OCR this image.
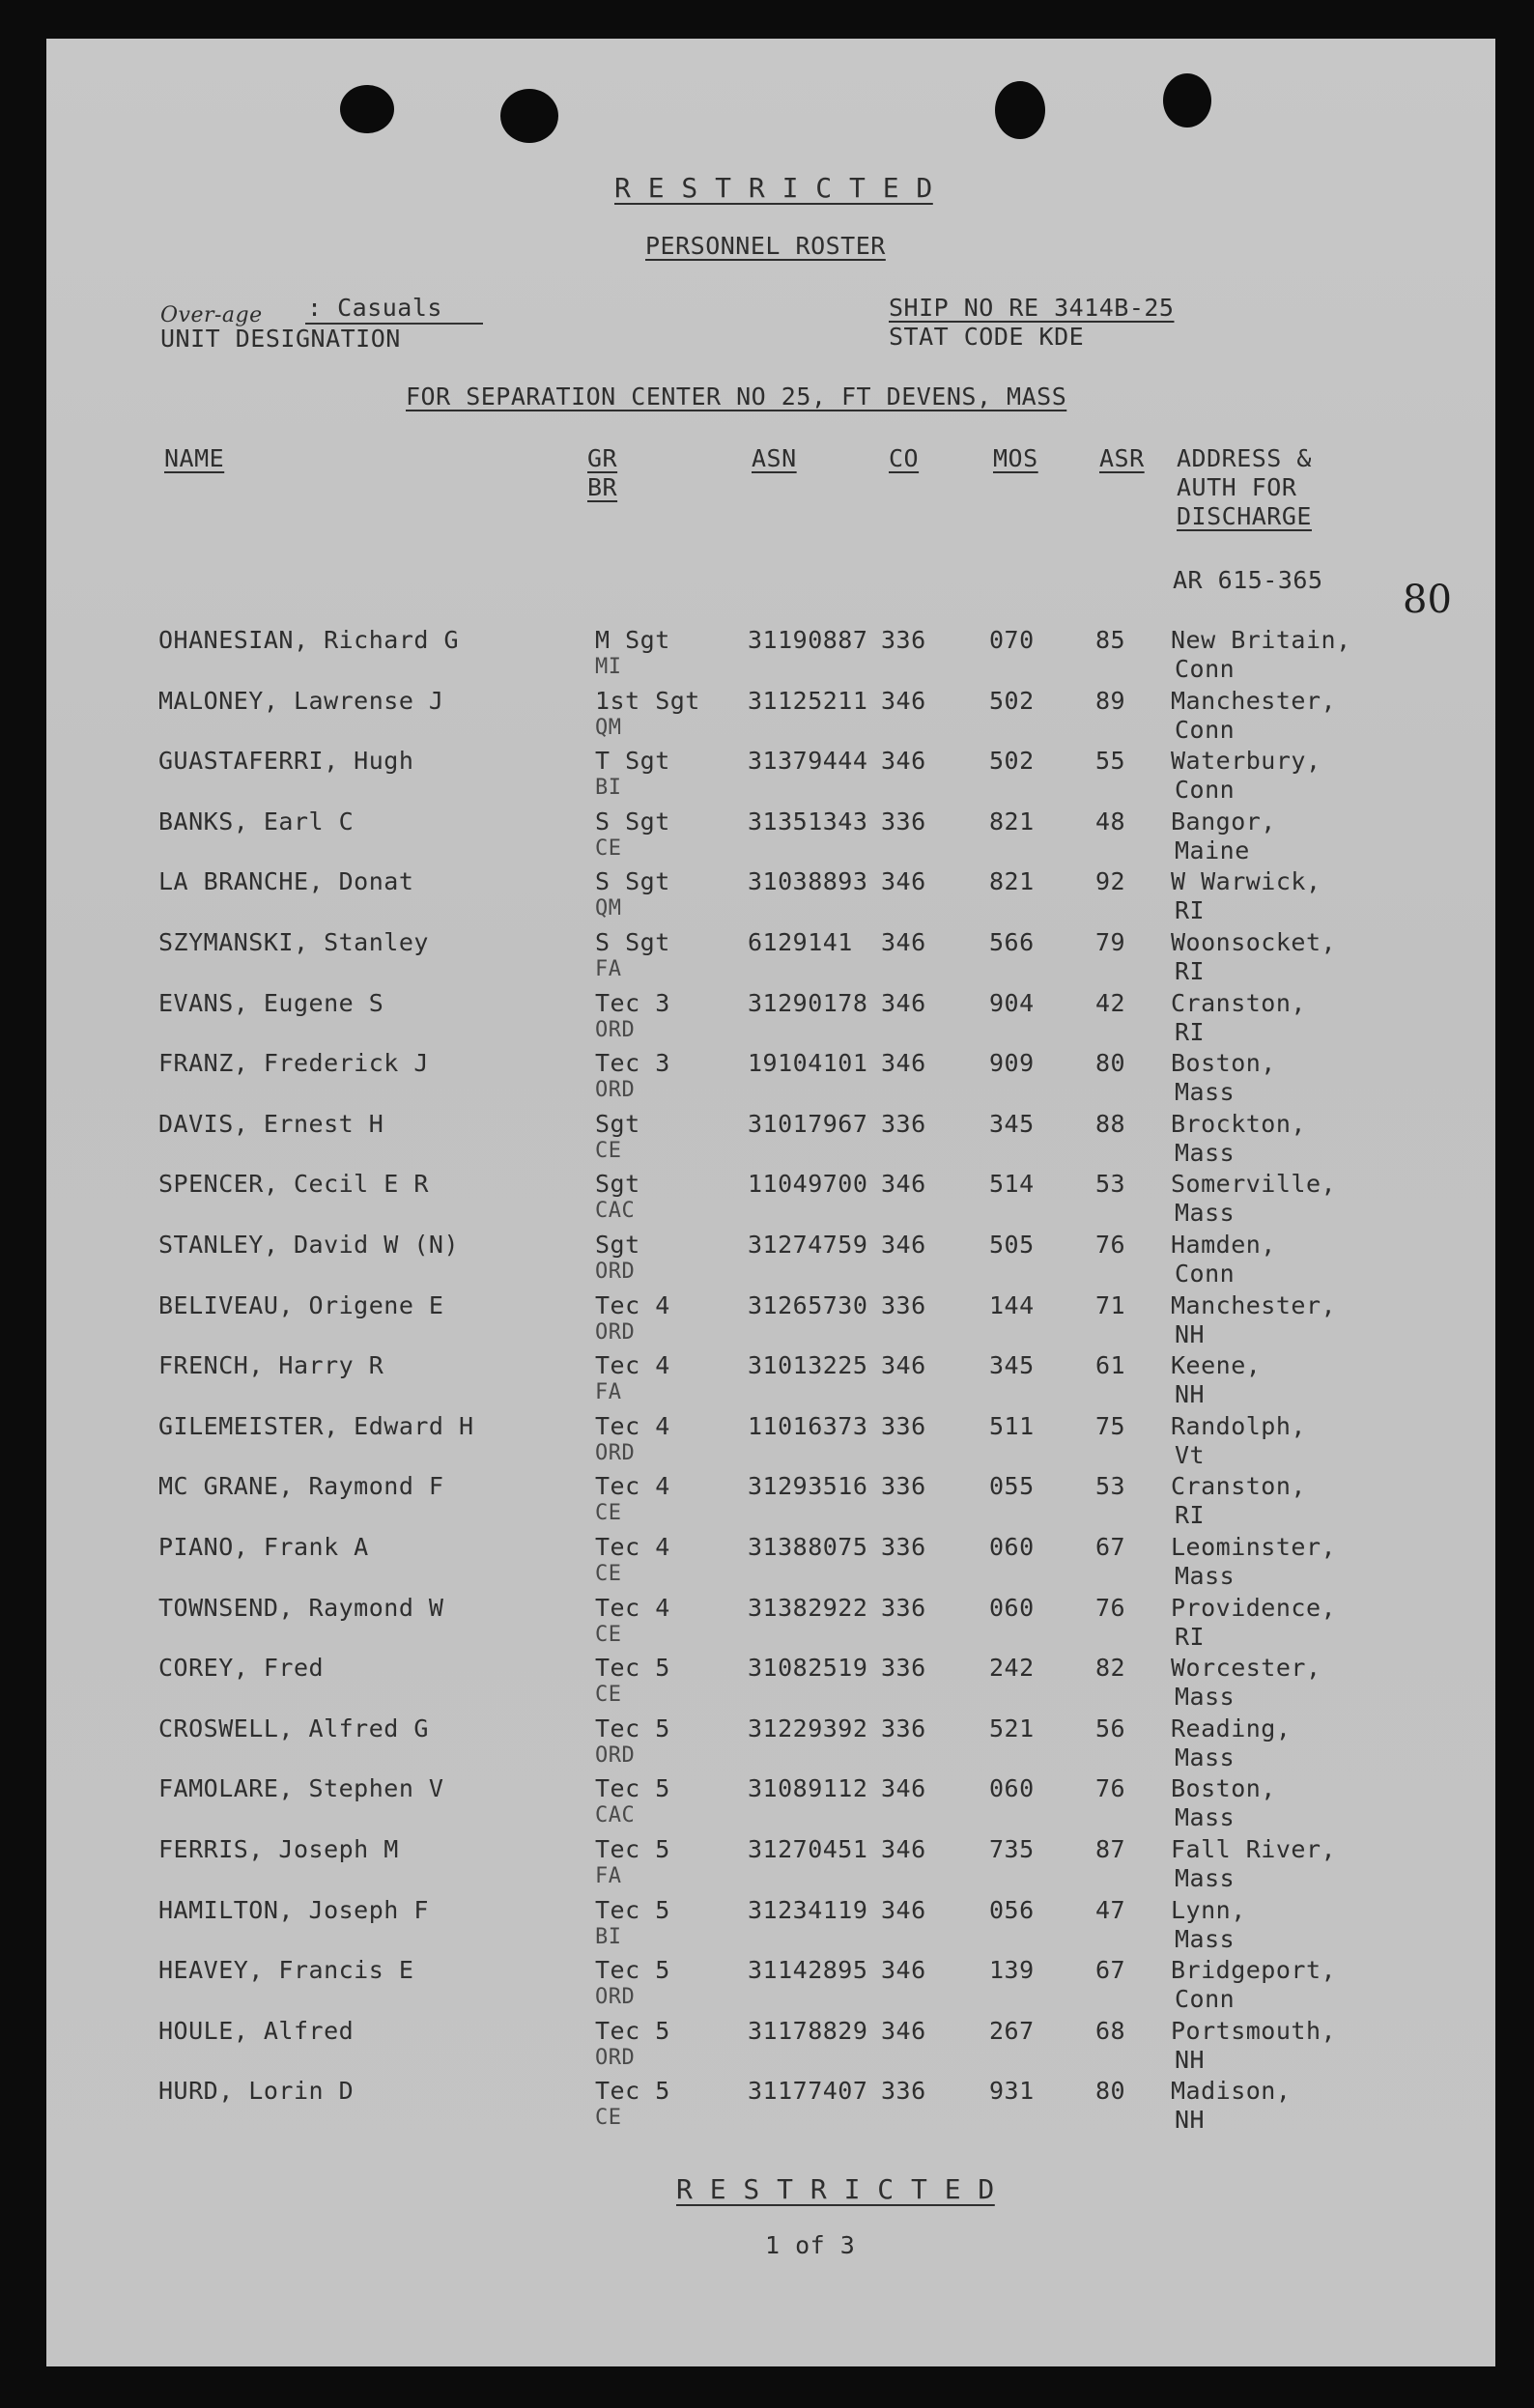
R E S T R I C T E D
PERSONNEL ROSTER
Over-age : Casuals
UNIT DESIGNATION
SHIP NO RE 3414B-25
STAT CODE KDE
FOR SEPARATION CENTER NO 25, FT DEVENS, MASS
80
NAME	GR
BR
ASN	CO	MOS	ASR ADDRESS &
AUTH FOR
DISCHARGE
AR 615-365
OHANESIAN, Richard G	M Sgt	31190887 336	070	85 New Britain,
MI	Conn
MALONEY, Lawrense J	1st Sgt 31125211 346	502	89 Manchester,
QM	Conn
GUASTAFERRI, Hugh	T Sgt	31379444 346	502	55 Waterbury,
BI	Conn
BANKS, Earl C	S Sgt	31351343 336	821	48 Bangor,
CE	Maine
LA BRANCHE, Donat	S Sgt	31038893 346	821	92 W Warwick,
QM	RI
SZYMANSKI, Stanley	S Sgt	6129141 346	566	79 Woonsocket,
FA	RI
EVANS, Eugene S	Tec 3	31290178 346	904	42 Cranston,
ORD	RI
FRANZ, Frederick J	Tec 3	19104101 346	909	80 Boston,
ORD	Mass
DAVIS, Ernest H	Sgt	31017967 336	345	88 Brockton,
CE	Mass
SPENCER, Cecil E R	Sgt	11049700 346	514	53 Somerville,
CAC	Mass
STANLEY, David W (N)	Sgt	31274759 346	505	76 Hamden,
ORD	Conn
BELIVEAU, Origene E	Tec 4	31265730 336	144	71 Manchester,
ORD	NH
FRENCH, Harry R	Tec 4	31013225 346	345	61 Keene,
FA	NH
GILEMEISTER, Edward H	Tec 4	11016373 336	511	75 Randolph,
ORD	Vt
MC GRANE, Raymond F	Tec 4	31293516 336	055	53 Cranston,
CE	RI
PIANO, Frank A	Tec 4	31388075 336	060	67 Leominster,
CE	Mass
TOWNSEND, Raymond W	Tec 4	31382922 336	060	76 Providence,
CE	RI
COREY, Fred	Tec 5	31082519 336	242	82 Worcester,
CE	Mass
CROSWELL, Alfred G	Tec 5	31229392 336	521	56 Reading,
ORD	Mass
FAMOLARE, Stephen V	Tec 5	31089112 346	060	76 Boston,
CAC	Mass
FERRIS, Joseph M	Tec 5	31270451 346	735	87 Fall River,
FA	Mass
HAMILTON, Joseph F	Tec 5	31234119 346	056	47 Lynn,
BI	Mass
HEAVEY, Francis E	Tec 5	31142895 346	139	67 Bridgeport,
ORD	Conn
HOULE, Alfred	Tec 5	31178829 346	267	68 Portsmouth,
ORD	NH
HURD, Lorin D	Tec 5	31177407 336	931	80 Madison,
CE	NH
R E S T R I C T E D
1 of 3
